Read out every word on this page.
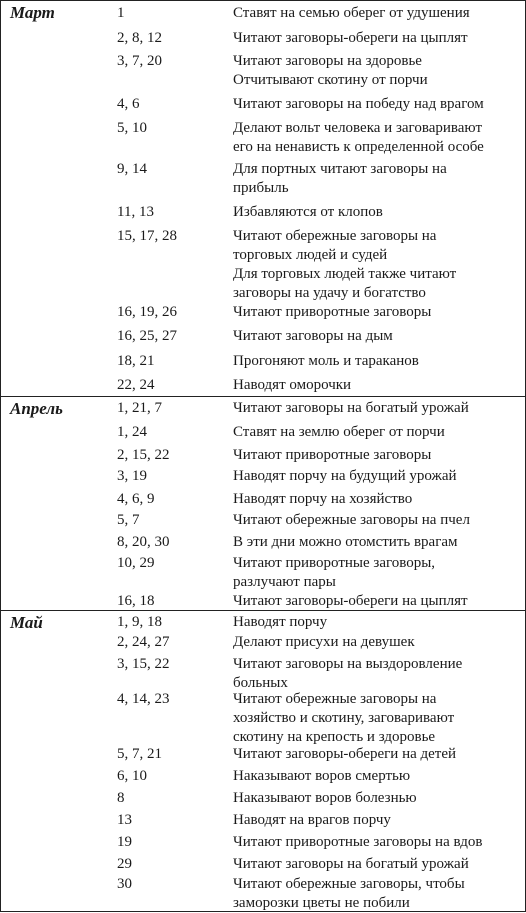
Март	1	Ставят на семью оберег от удушения
2, 8, 12	Читают заговоры-обереги на цыплят
3, 7, 20	Читают заговоры на здоровье
Отчитывают скотину от порчи
4, 6	Читают заговоры на победу над врагом
5, 10	Делают вольт человека и заговаривают
его на ненависть к определенной особе
9, 14	Для портных читают заговоры на
прибыль
11, 13	Избавляются от клопов
15, 17, 28	Читают обережные заговоры на
торговых людей и судей
Для торговых людей также читают
заговоры на удачу и богатство
16, 19, 26	Читают приворотные заговоры
16, 25, 27	Читают заговоры на дым
18, 21	Прогоняют моль и тараканов
22, 24	Наводят оморочки
Апрель	1, 21, 7	Читают заговоры на богатый урожай
1, 24	Ставят на землю оберег от порчи
2, 15, 22	Читают приворотные заговоры
3, 19	Наводят порчу на будущий урожай
4, 6, 9	Наводят порчу на хозяйство
5, 7	Читают обережные заговоры на пчел
8, 20, 30	В эти дни можно отомстить врагам
10, 29	Читают приворотные заговоры,
разлучают пары
16, 18	Читают заговоры-обереги на цыплят
Май	1, 9, 18	Наводят порчу
2, 24, 27	Делают присухи на девушек
3, 15, 22	Читают заговоры на выздоровление
больных
4, 14, 23	Читают обережные заговоры на
хозяйство и скотину, заговаривают
скотину на крепость и здоровье
5, 7, 21	Читают заговоры-обереги на детей
6, 10	Наказывают воров смертью
8	Наказывают воров болезнью
13	Наводят на врагов порчу
19	Читают приворотные заговоры на вдов
29	Читают заговоры на богатый урожай
30	Читают обережные заговоры, чтобы
заморозки цветы не побили
